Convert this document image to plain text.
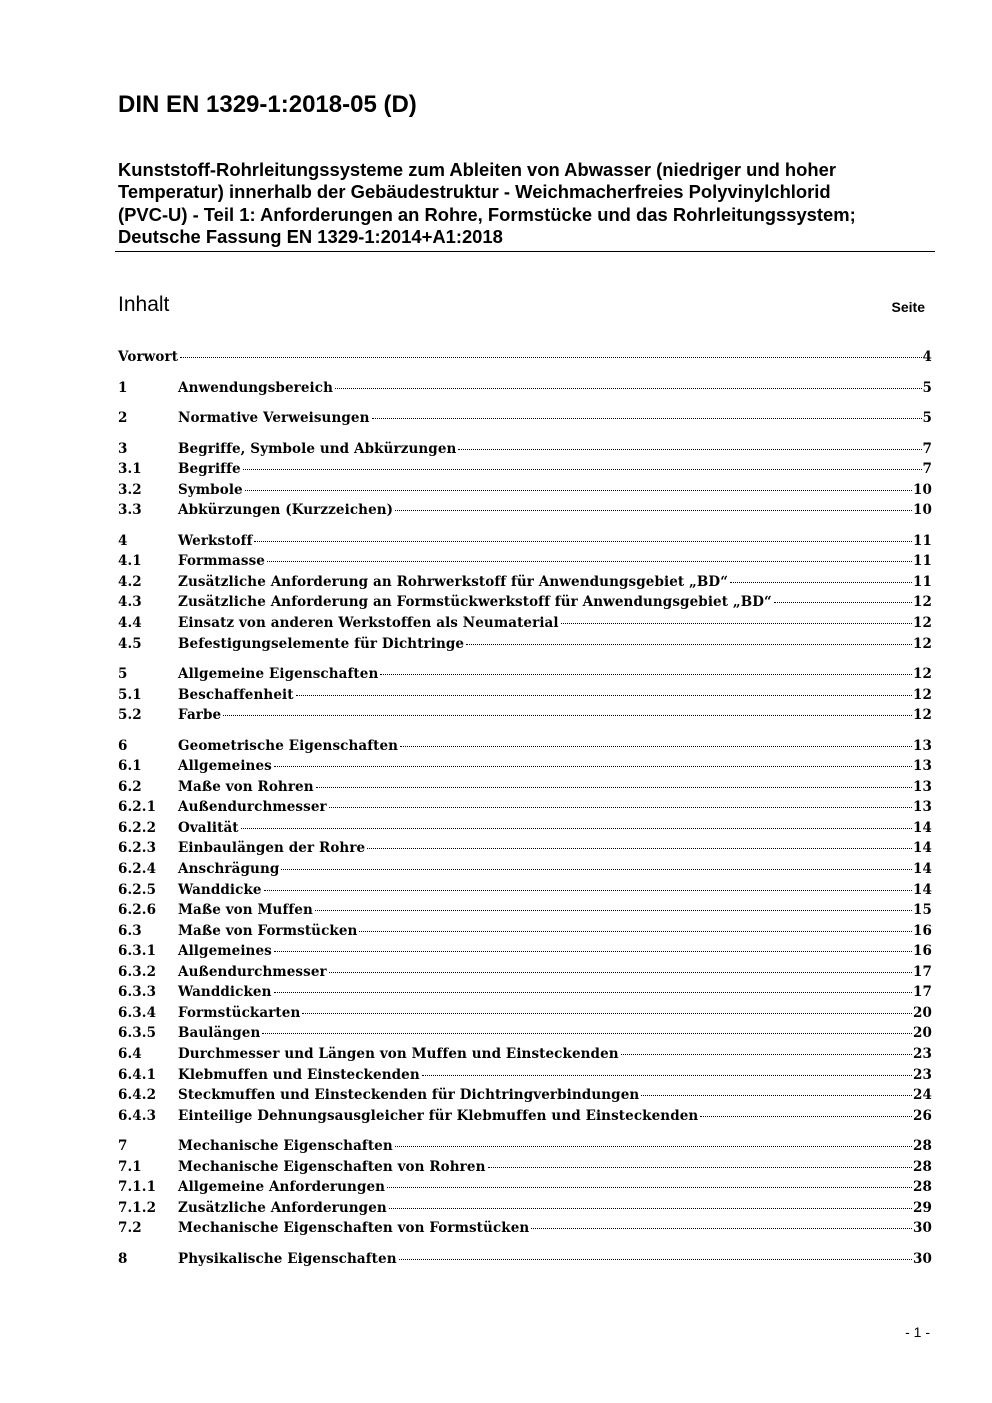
DIN EN 1329-1:2018-05 (D)
Kunststoff-Rohrleitungssysteme zum Ableiten von Abwasser (niedriger und hoher
Temperatur) innerhalb der Gebäudestruktur - Weichmacherfreies Polyvinylchlorid
(PVC-U) - Teil 1: Anforderungen an Rohre, Formstücke und das Rohrleitungssystem;
Deutsche Fassung EN 1329-1:2014+A1:2018
Inhalt	Seite
Vorwort	4
1	Anwendungsbereich	5
2	Normative Verweisungen	5
3	Begriffe, Symbole und Abkürzungen	7
3.1	Begriffe	7
3.2	Symbole	10
3.3	Abkürzungen (Kurzzeichen)	10
4	Werkstoff	11
4.1	Formmasse	11
4.2	Zusätzliche Anforderung an Rohrwerkstoff für Anwendungsgebiet „BD“	11
4.3	Zusätzliche Anforderung an Formstückwerkstoff für Anwendungsgebiet „BD“	12
4.4	Einsatz von anderen Werkstoffen als Neumaterial	12
4.5	Befestigungselemente für Dichtringe	12
5	Allgemeine Eigenschaften	12
5.1	Beschaffenheit	12
5.2	Farbe	12
6	Geometrische Eigenschaften	13
6.1	Allgemeines	13
6.2	Maße von Rohren	13
6.2.1	Außendurchmesser	13
6.2.2	Ovalität	14
6.2.3	Einbaulängen der Rohre	14
6.2.4	Anschrägung	14
6.2.5	Wanddicke	14
6.2.6	Maße von Muffen	15
6.3	Maße von Formstücken	16
6.3.1	Allgemeines	16
6.3.2	Außendurchmesser	17
6.3.3	Wanddicken	17
6.3.4	Formstückarten	20
6.3.5	Baulängen	20
6.4	Durchmesser und Längen von Muffen und Einsteckenden	23
6.4.1	Klebmuffen und Einsteckenden	23
6.4.2	Steckmuffen und Einsteckenden für Dichtringverbindungen	24
6.4.3	Einteilige Dehnungsausgleicher für Klebmuffen und Einsteckenden	26
7	Mechanische Eigenschaften	28
7.1	Mechanische Eigenschaften von Rohren	28
7.1.1	Allgemeine Anforderungen	28
7.1.2	Zusätzliche Anforderungen	29
7.2	Mechanische Eigenschaften von Formstücken	30
8	Physikalische Eigenschaften	30
- 1 -
